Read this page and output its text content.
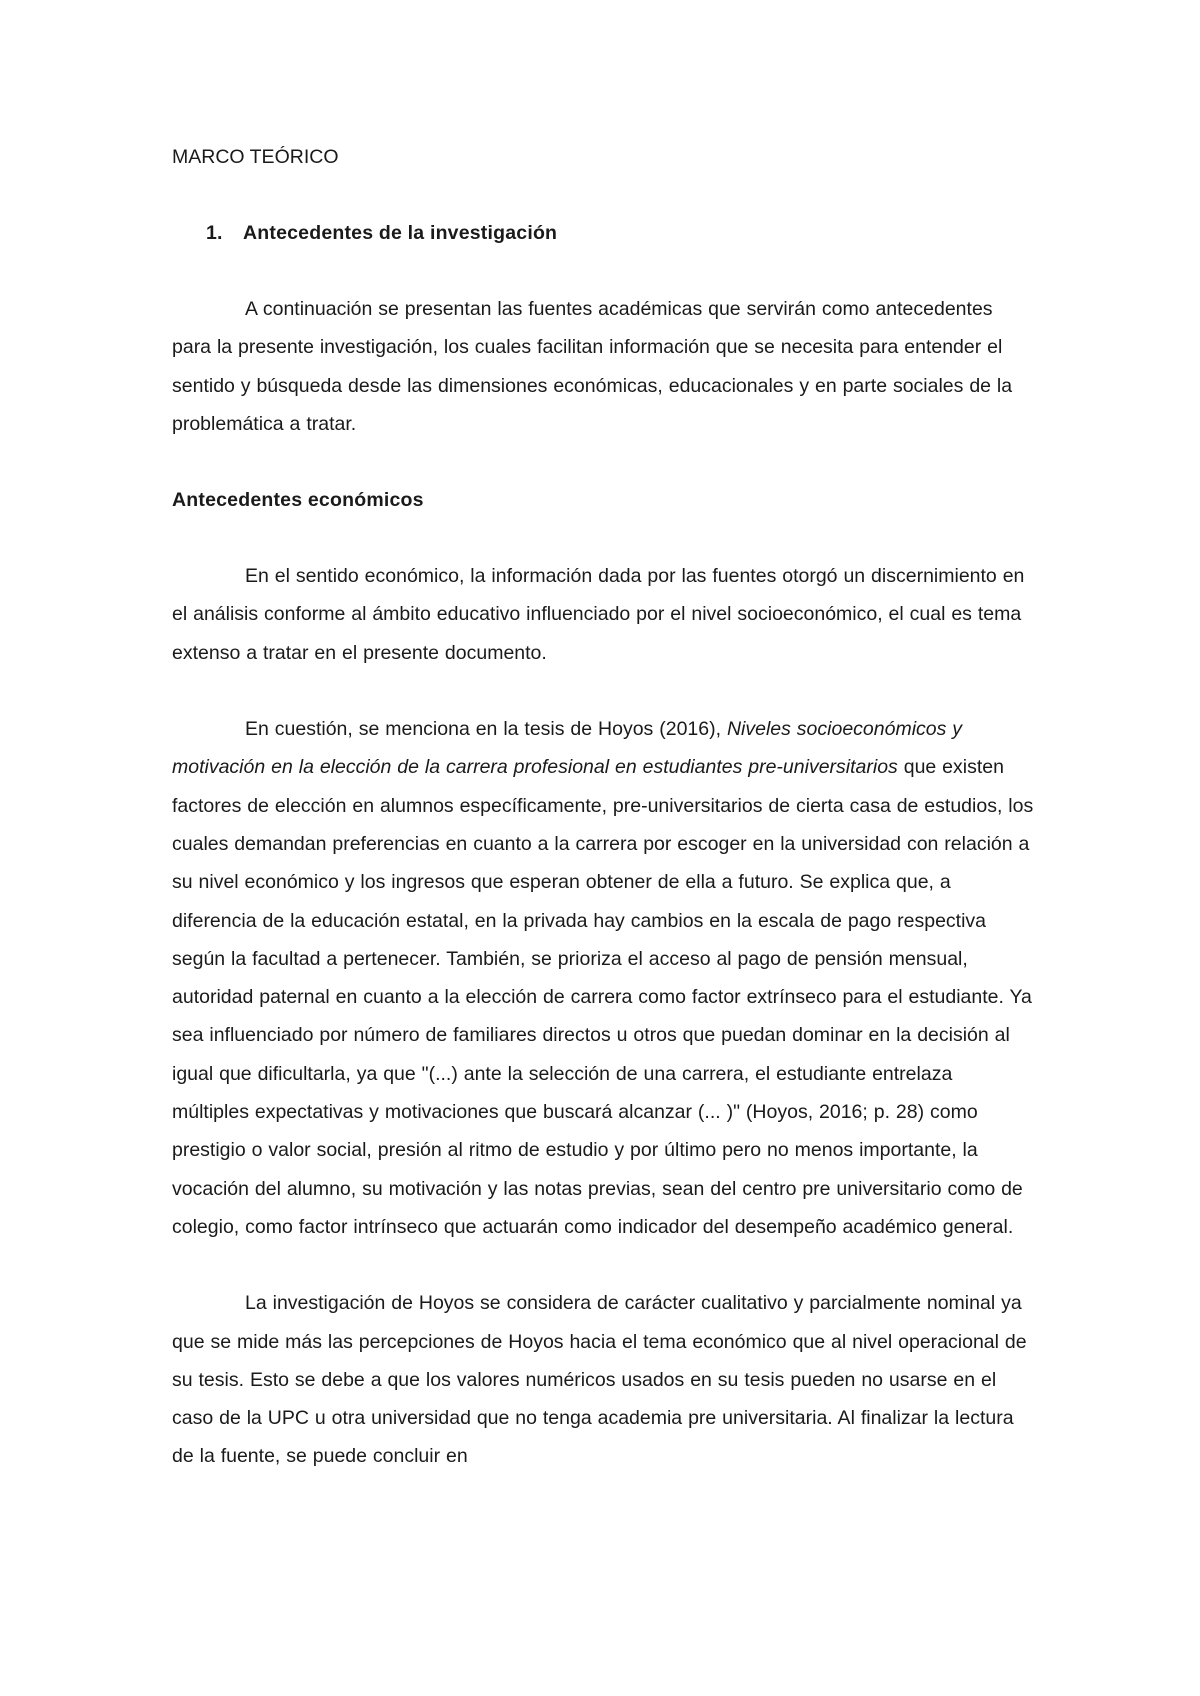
MARCO TEÓRICO

1. Antecedentes de la investigación

A continuación se presentan las fuentes académicas que servirán como antecedentes para la presente investigación, los cuales facilitan información que se necesita para entender el sentido y búsqueda desde las dimensiones económicas, educacionales y en parte sociales de la problemática a tratar.

Antecedentes económicos

En el sentido económico, la información dada por las fuentes otorgó un discernimiento en el análisis conforme al ámbito educativo influenciado por el nivel socioeconómico, el cual es tema extenso a tratar en el presente documento.

En cuestión, se menciona en la tesis de Hoyos (2016), Niveles socioeconómicos y motivación en la elección de la carrera profesional en estudiantes pre-universitarios que existen factores de elección en alumnos específicamente, pre-universitarios de cierta casa de estudios, los cuales demandan preferencias en cuanto a la carrera por escoger en la universidad con relación a su nivel económico y los ingresos que esperan obtener de ella a futuro. Se explica que, a diferencia de la educación estatal, en la privada hay cambios en la escala de pago respectiva según la facultad a pertenecer. También, se prioriza el acceso al pago de pensión mensual, autoridad paternal en cuanto a la elección de carrera como factor extrínseco para el estudiante. Ya sea influenciado por número de familiares directos u otros que puedan dominar en la decisión al igual que dificultarla, ya que "(...) ante la selección de una carrera, el estudiante entrelaza múltiples expectativas y motivaciones que buscará alcanzar (... )" (Hoyos, 2016; p. 28) como prestigio o valor social, presión al ritmo de estudio y por último pero no menos importante, la vocación del alumno, su motivación y las notas previas, sean del centro pre universitario como de colegio, como factor intrínseco que actuarán como indicador del desempeño académico general.

La investigación de Hoyos se considera de carácter cualitativo y parcialmente nominal ya que se mide más las percepciones de Hoyos hacia el tema económico que al nivel operacional de su tesis. Esto se debe a que los valores numéricos usados en su tesis pueden no usarse en el caso de la UPC u otra universidad que no tenga academia pre universitaria. Al finalizar la lectura de la fuente, se puede concluir en
